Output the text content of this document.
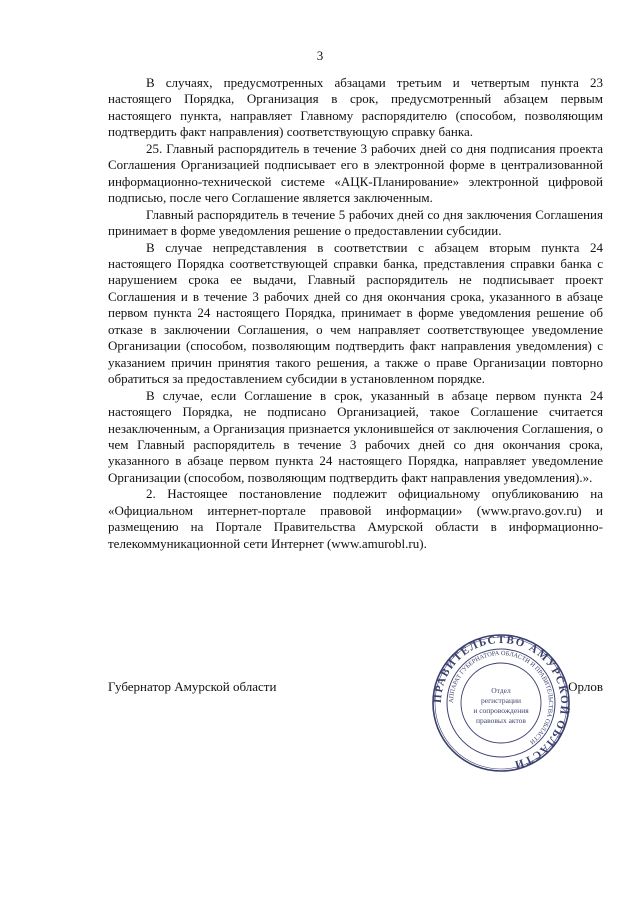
3

В случаях, предусмотренных абзацами третьим и четвертым пункта 23 настоящего Порядка, Организация в срок, предусмотренный абзацем первым настоящего пункта, направляет Главному распорядителю (способом, позволяющим подтвердить факт направления) соответствующую справку банка.

25. Главный распорядитель в течение 3 рабочих дней со дня подписания проекта Соглашения Организацией подписывает его в электронной форме в централизованной информационно-технической системе «АЦК-Планирование» электронной цифровой подписью, после чего Соглашение является заключенным.

Главный распорядитель в течение 5 рабочих дней со дня заключения Соглашения принимает в форме уведомления решение о предоставлении субсидии.

В случае непредставления в соответствии с абзацем вторым пункта 24 настоящего Порядка соответствующей справки банка, представления справки банка с нарушением срока ее выдачи, Главный распорядитель не подписывает проект Соглашения и в течение 3 рабочих дней со дня окончания срока, указанного в абзаце первом пункта 24 настоящего Порядка, принимает в форме уведомления решение об отказе в заключении Соглашения, о чем направляет соответствующее уведомление Организации (способом, позволяющим подтвердить факт направления уведомления) с указанием причин принятия такого решения, а также о праве Организации повторно обратиться за предоставлением субсидии в установленном порядке.

В случае, если Соглашение в срок, указанный в абзаце первом пункта 24 настоящего Порядка, не подписано Организацией, такое Соглашение считается незаключенным, а Организация признается уклонившейся от заключения Соглашения, о чем Главный распорядитель в течение 3 рабочих дней со дня окончания срока, указанного в абзаце первом пункта 24 настоящего Порядка, направляет уведомление Организации (способом, позволяющим подтвердить факт направления уведомления).».

2. Настоящее постановление подлежит официальному опубликованию на «Официальном интернет-портале правовой информации» (www.pravo.gov.ru) и размещению на Портале Правительства Амурской области в информационно-телекоммуникационной сети Интернет (www.amurobl.ru).

Губернатор Амурской области	Орлов
ПРАВИТЕЛЬСТВО АМУРСКОЙ ОБЛАСТИ
АППАРАТ ГУБЕРНАТОРА ОБЛАСТИ И ПРАВИТЕЛЬСТВА ОБЛАСТИ
Отдел
регистрации
и сопровождения
правовых актов
